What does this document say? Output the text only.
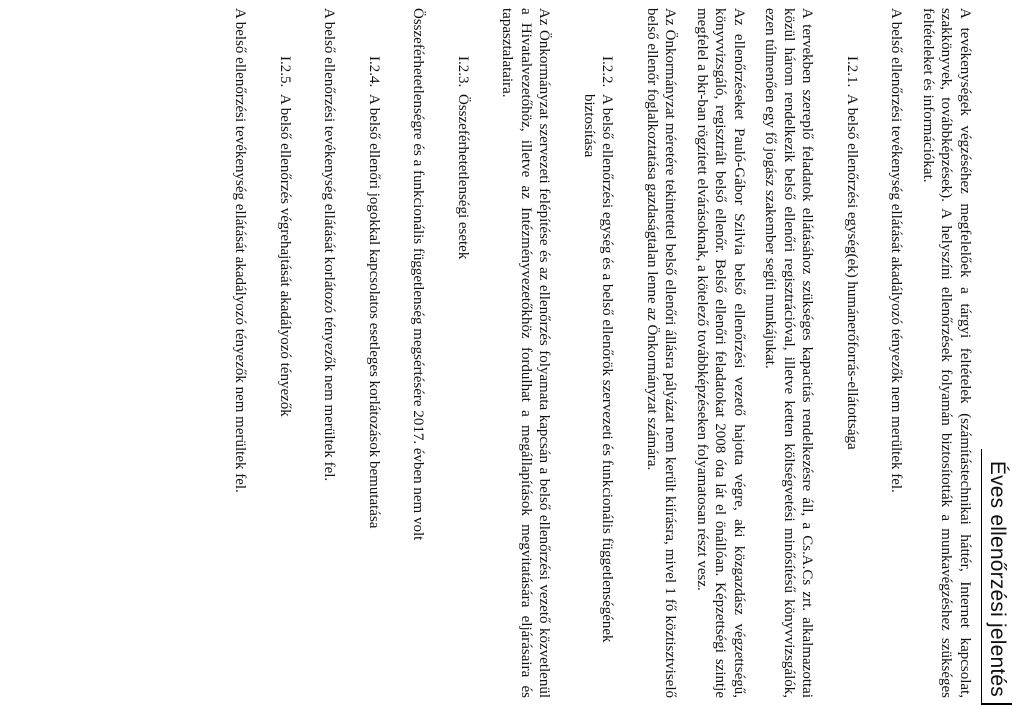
Éves ellenőrzési jelentés

A tevékenységek végzéséhez megfelelőek a tárgyi feltételek (számítástechnikai háttér, Internet kapcsolat, szakkönyvek, továbbképzések). A helyszíni ellenőrzések folyamán biztosították a munkavégzéshez szükséges feltételeket és információkat.

A belső ellenőrzési tevékenység ellátását akadályozó tényezők nem merültek fel.

I.2.1.
A belső ellenőrzési egység(ek) humánerőforrás-ellátottsága

A tervekben szereplő feladatok ellátásához szükséges kapacitás rendelkezésre áll, a Cs.A.Cs zrt. alkalmazottai közül három rendelkezik belső ellenőri regisztrációval, illetve ketten költségvetési minősítésű könyvvizsgálók, ezen túlmenően egy fő jogász szakember segíti munkájukat.

Az ellenőrzéseket Pauló-Gábor Szilvia belső ellenőrzési vezető hajotta végre, aki közgazdász végzettségű, könyvvizsgáló, regisztrált belső ellenőr. Belső ellenőri feladatokat 2008 óta lát el önállóan. Képzettségi szintje megfelel a bkr-ban rögzített elvárásoknak, a kötelező továbbképzéseken folyamatosan részt vesz.

Az Önkormányzat méretére tekintettel belső ellenőri állásra pályázat nem került kiírásra, mivel 1 fő köztisztviselő belső ellenőr foglalkoztatása gazdaságtalan lenne az Önkormányzat számára.

I.2.2.
A belső ellenőrzési egység és a belső ellenőrök szervezeti és funkcionális függetlenségének biztosítása

Az Önkormányzat szervezeti felépítése és az ellenőrzés folyamata kapcsán a belső ellenőrzési vezető közvetlenül a Hivatalvezetőhöz, illetve az Intézményvezetőkhöz fordulhat a megállapítások megvitatására eljárásaira és tapasztalataira.

I.2.3.
Összeférhetetlenségi esetek

Összeférhetetlenségre és a funkcionális függetlenség megsértésére 2017. évben nem volt

I.2.4.
A belső ellenőri jogokkal kapcsolatos esetleges korlátozások bemutatása

A belső ellenőrzési tevékenység ellátását korlátozó tényezők nem merültek fel.

I.2.5.
A belső ellenőrzés végrehajtását akadályozó tényezők

A belső ellenőrzési tevékenység ellátását akadályozó tényezők nem merültek fel.
